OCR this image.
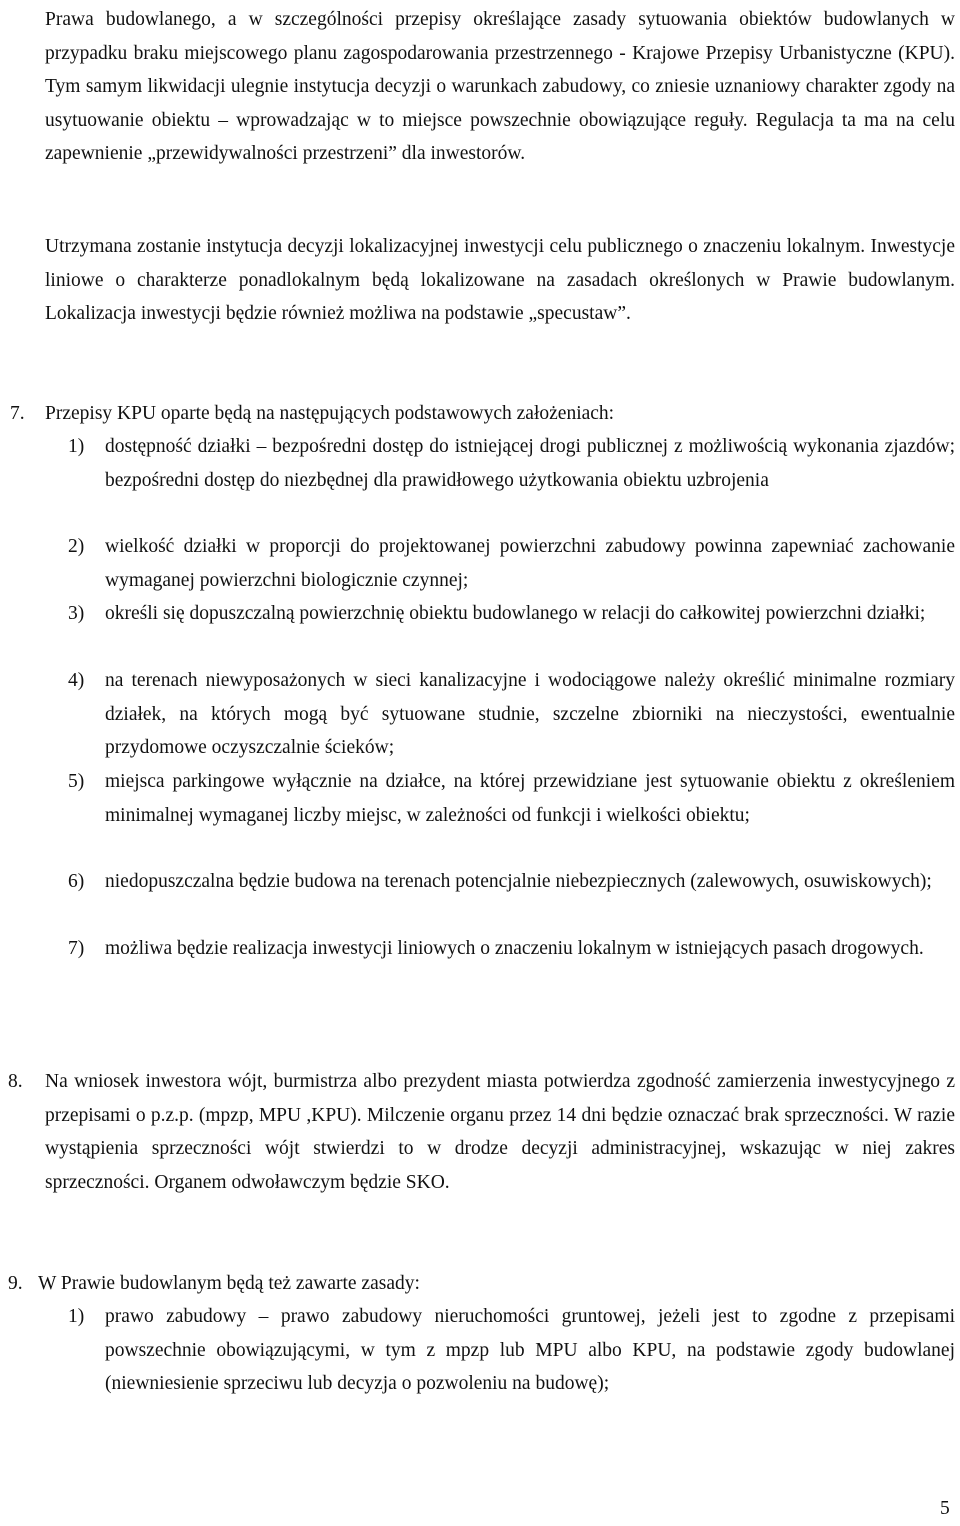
Prawa budowlanego, a w szczególności przepisy określające zasady sytuowania obiektów budowlanych w przypadku braku miejscowego planu zagospodarowania przestrzennego - Krajowe Przepisy Urbanistyczne (KPU). Tym samym likwidacji ulegnie instytucja decyzji o warunkach zabudowy, co zniesie uznaniowy charakter zgody na usytuowanie obiektu – wprowadzając w to miejsce powszechnie obowiązujące reguły. Regulacja ta ma na celu zapewnienie „przewidywalności przestrzeni” dla inwestorów.

Utrzymana zostanie instytucja decyzji lokalizacyjnej inwestycji celu publicznego o znaczeniu lokalnym. Inwestycje liniowe o charakterze ponadlokalnym będą lokalizowane na zasadach określonych w Prawie budowlanym. Lokalizacja inwestycji będzie również możliwa na podstawie „specustaw”.

7. Przepisy KPU oparte będą na następujących podstawowych założeniach:
1)	dostępność działki – bezpośredni dostęp do istniejącej drogi publicznej z możliwością wykonania zjazdów; bezpośredni dostęp do niezbędnej dla prawidłowego użytkowania obiektu uzbrojenia
2)	wielkość działki w proporcji do projektowanej powierzchni zabudowy powinna zapewniać zachowanie wymaganej powierzchni biologicznie czynnej;
3)	określi się dopuszczalną powierzchnię obiektu budowlanego w relacji do całkowitej powierzchni działki;
4)	na terenach niewyposażonych w sieci kanalizacyjne i wodociągowe należy określić minimalne rozmiary działek, na których mogą być sytuowane studnie, szczelne zbiorniki na nieczystości, ewentualnie przydomowe oczyszczalnie ścieków;
5)	miejsca parkingowe wyłącznie na działce, na której przewidziane jest sytuowanie obiektu z określeniem minimalnej wymaganej liczby miejsc, w zależności od funkcji i wielkości obiektu;
6)	niedopuszczalna będzie budowa na terenach potencjalnie niebezpiecznych (zalewowych, osuwiskowych);
7)	możliwa będzie realizacja inwestycji liniowych o znaczeniu lokalnym w istniejących pasach drogowych.
8. Na wniosek inwestora wójt, burmistrza albo prezydent miasta potwierdza zgodność zamierzenia inwestycyjnego z przepisami o p.z.p. (mpzp, MPU ,KPU). Milczenie organu przez 14 dni będzie oznaczać brak sprzeczności. W razie wystąpienia sprzeczności wójt stwierdzi to w drodze decyzji administracyjnej, wskazując w niej zakres sprzeczności. Organem odwoławczym będzie SKO.
9. W Prawie budowlanym będą też zawarte zasady:
1)	prawo zabudowy – prawo zabudowy nieruchomości gruntowej, jeżeli jest to zgodne z przepisami powszechnie obowiązującymi, w tym z mpzp lub MPU albo KPU, na podstawie zgody budowlanej (niewniesienie sprzeciwu lub decyzja o pozwoleniu na budowę);
5
